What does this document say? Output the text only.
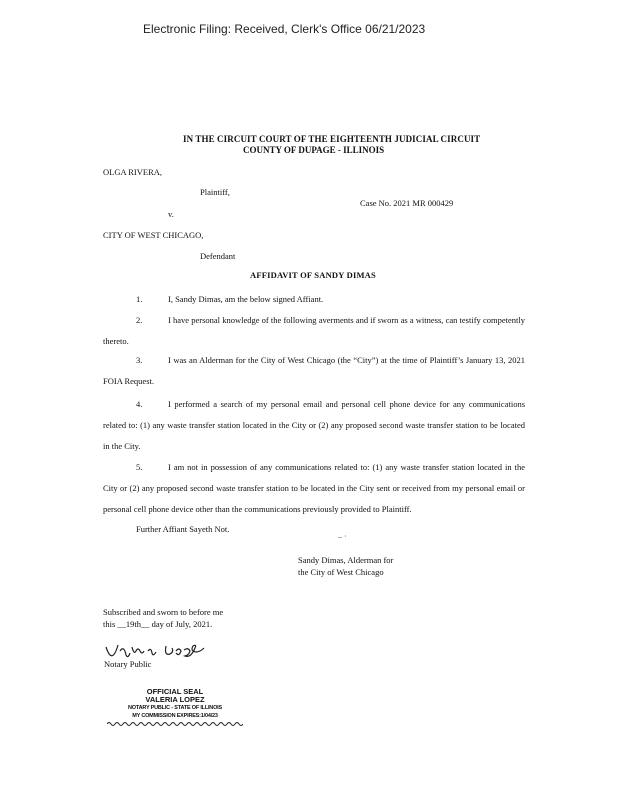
Electronic Filing: Received, Clerk's Office 06/21/2023
IN THE CIRCUIT COURT OF THE EIGHTEENTH JUDICIAL CIRCUIT
COUNTY OF DUPAGE - ILLINOIS
OLGA RIVERA,
Plaintiff,
Case No. 2021 MR 000429
v.
CITY OF WEST CHICAGO,
Defendant
AFFIDAVIT OF SANDY DIMAS
1.	I, Sandy Dimas, am the below signed Affiant.
2.	I have personal knowledge of the following averments and if sworn as a witness, can testify competently thereto.
3.	I was an Alderman for the City of West Chicago (the “City”) at the time of Plaintiff’s January 13, 2021 FOIA Request.
4.	I performed a search of my personal email and personal cell phone device for any communications related to: (1) any waste transfer station located in the City or (2) any proposed second waste transfer station to be located in the City.
5.	I am not in possession of any communications related to: (1) any waste transfer station located in the City or (2) any proposed second waste transfer station to be located in the City sent or received from my personal email or personal cell phone device other than the communications previously provided to Plaintiff.
Further Affiant Sayeth Not.
‒ ·
Sandy Dimas, Alderman for
the City of West Chicago
Subscribed and sworn to before me
this __19th__ day of July, 2021.
Notary Public
OFFICIAL SEAL
VALERIA LOPEZ
NOTARY PUBLIC - STATE OF ILLINOIS
MY COMMISSION EXPIRES:1/04/23
